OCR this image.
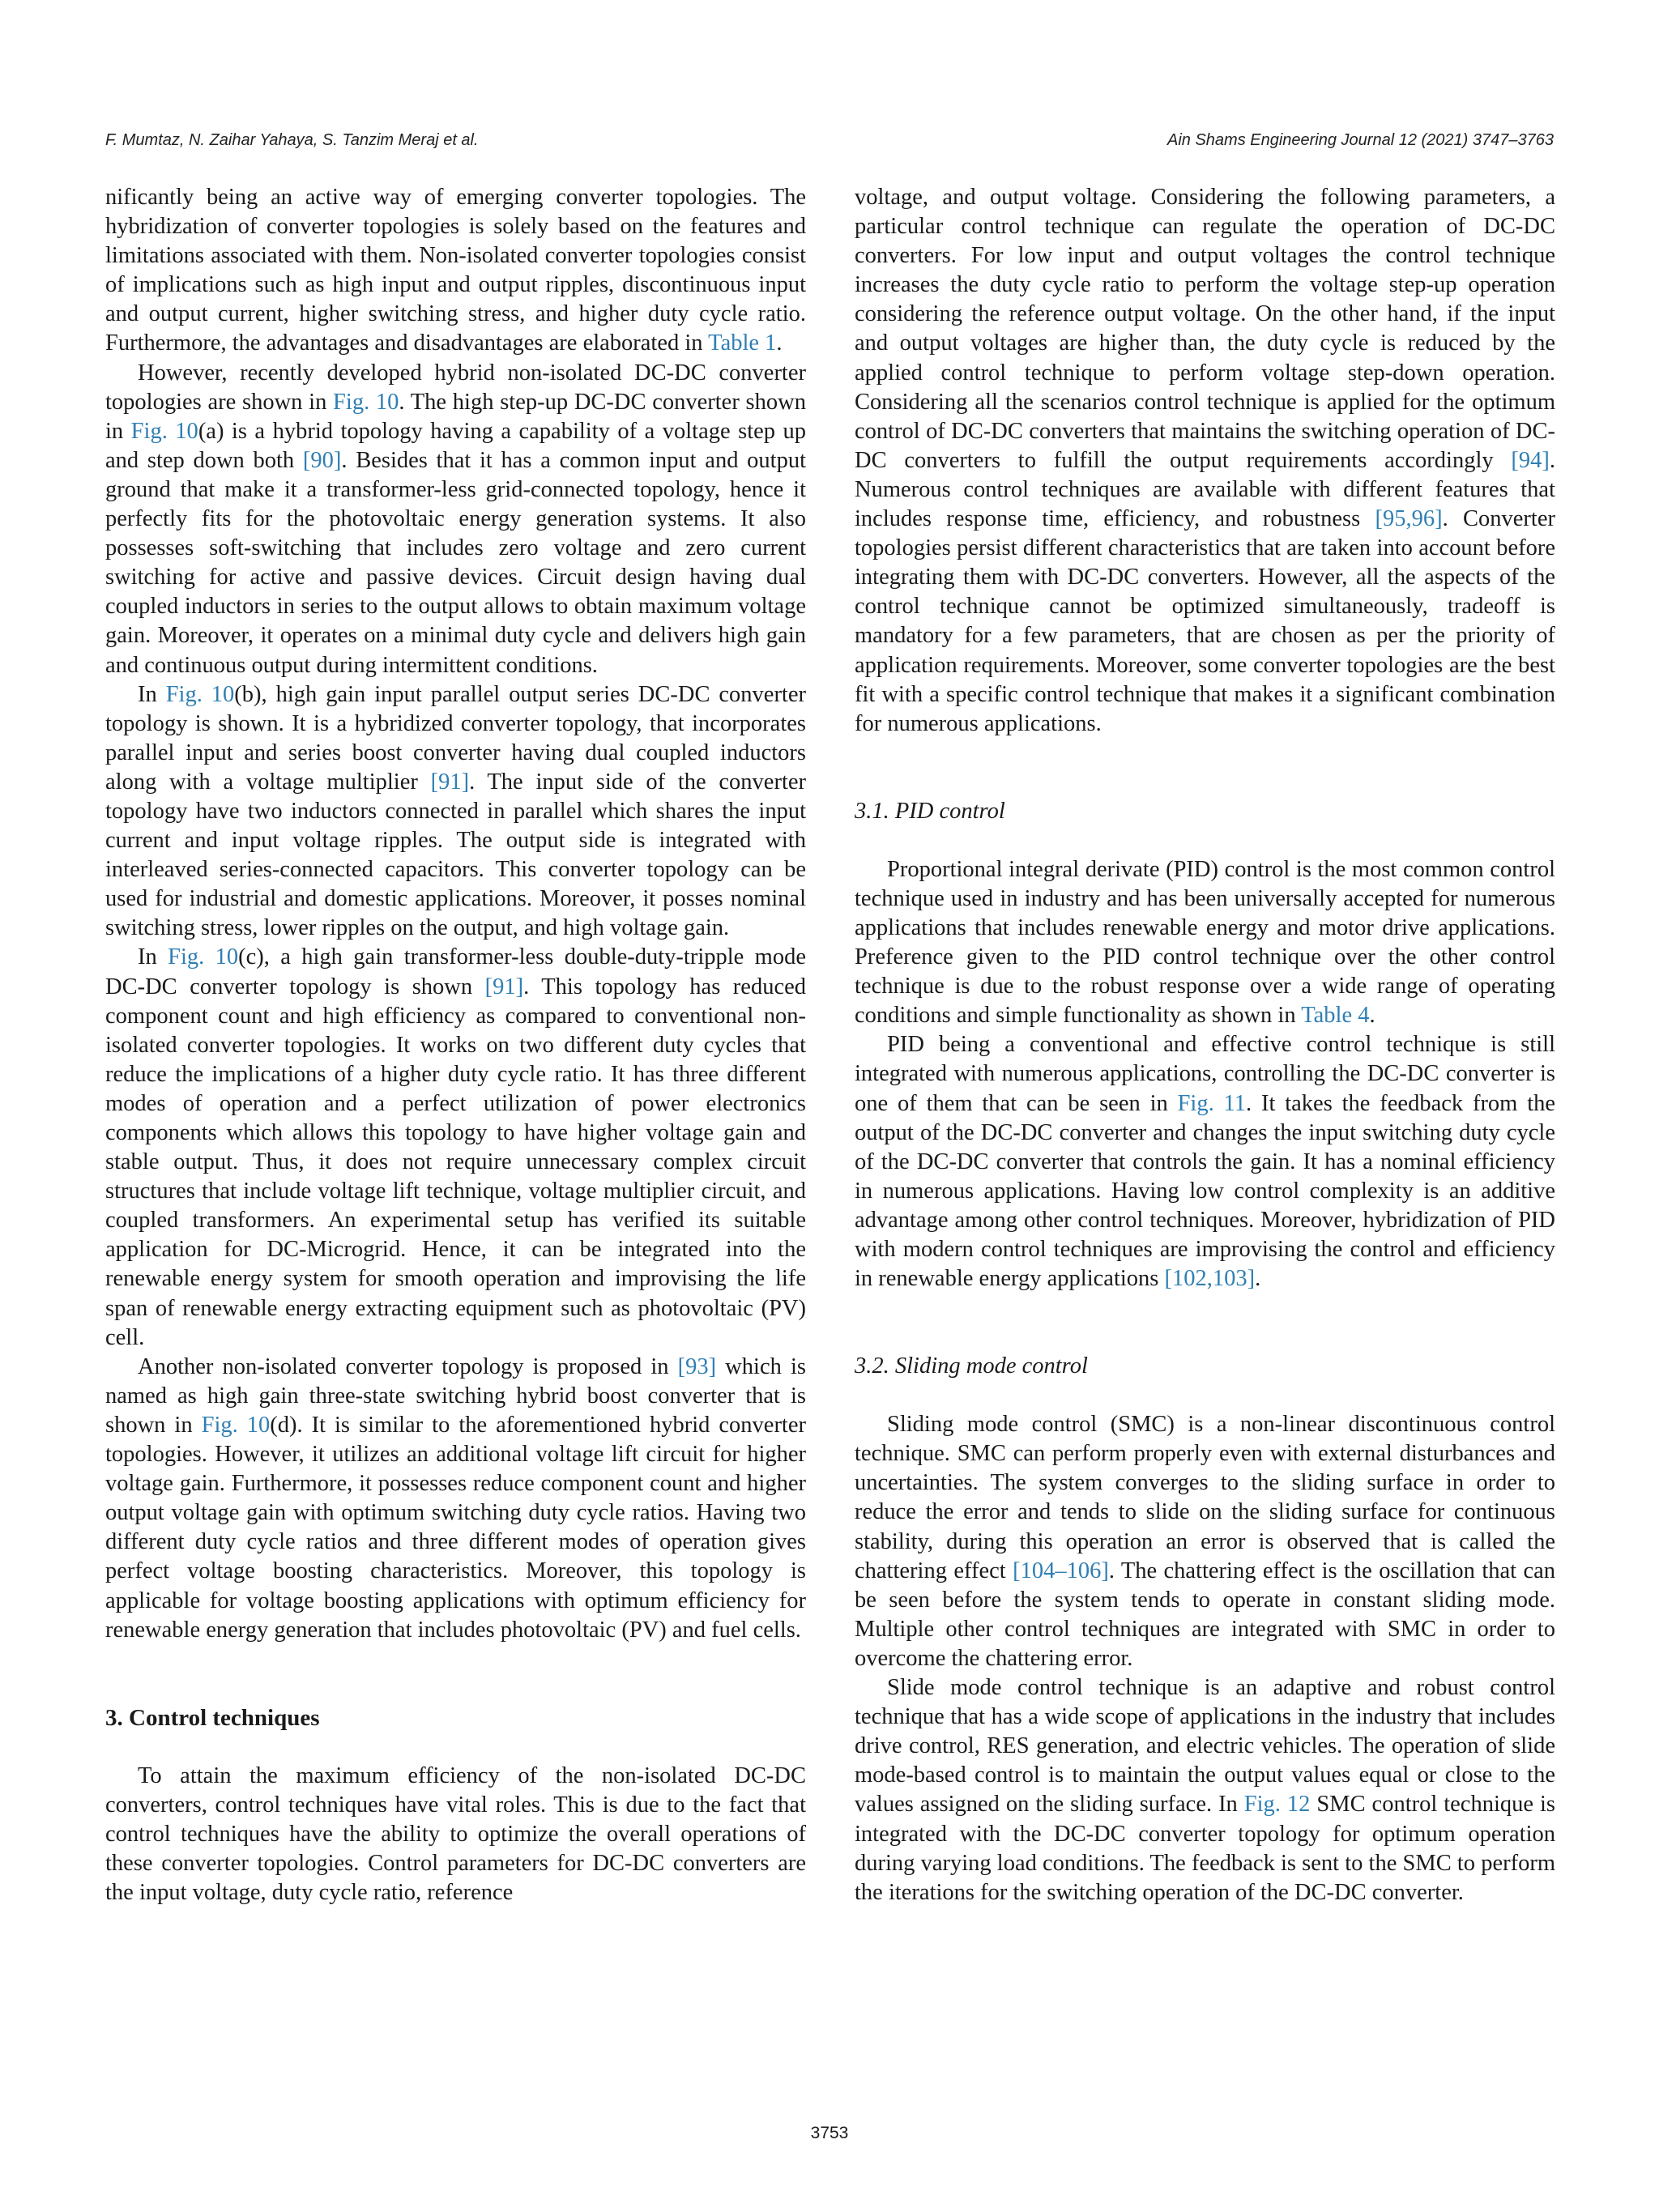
F. Mumtaz, N. Zaihar Yahaya, S. Tanzim Meraj et al.	Ain Shams Engineering Journal 12 (2021) 3747–3763

nificantly being an active way of emerging converter topologies. The hybridization of converter topologies is solely based on the features and limitations associated with them. Non-isolated converter topologies consist of implications such as high input and output ripples, discontinuous input and output current, higher switching stress, and higher duty cycle ratio. Furthermore, the advantages and disadvantages are elaborated in Table 1.

However, recently developed hybrid non-isolated DC-DC converter topologies are shown in Fig. 10. The high step-up DC-DC converter shown in Fig. 10(a) is a hybrid topology having a capability of a voltage step up and step down both [90]. Besides that it has a common input and output ground that make it a transformer-less grid-connected topology, hence it perfectly fits for the photovoltaic energy generation systems. It also possesses soft-switching that includes zero voltage and zero current switching for active and passive devices. Circuit design having dual coupled inductors in series to the output allows to obtain maximum voltage gain. Moreover, it operates on a minimal duty cycle and delivers high gain and continuous output during intermittent conditions.

In Fig. 10(b), high gain input parallel output series DC-DC converter topology is shown. It is a hybridized converter topology, that incorporates parallel input and series boost converter having dual coupled inductors along with a voltage multiplier [91]. The input side of the converter topology have two inductors connected in parallel which shares the input current and input voltage ripples. The output side is integrated with interleaved series-connected capacitors. This converter topology can be used for industrial and domestic applications. Moreover, it posses nominal switching stress, lower ripples on the output, and high voltage gain.

In Fig. 10(c), a high gain transformer-less double-duty-tripple mode DC-DC converter topology is shown [91]. This topology has reduced component count and high efficiency as compared to conventional non-isolated converter topologies. It works on two different duty cycles that reduce the implications of a higher duty cycle ratio. It has three different modes of operation and a perfect utilization of power electronics components which allows this topology to have higher voltage gain and stable output. Thus, it does not require unnecessary complex circuit structures that include voltage lift technique, voltage multiplier circuit, and coupled transformers. An experimental setup has verified its suitable application for DC-Microgrid. Hence, it can be integrated into the renewable energy system for smooth operation and improvising the life span of renewable energy extracting equipment such as photovoltaic (PV) cell.

Another non-isolated converter topology is proposed in [93] which is named as high gain three-state switching hybrid boost converter that is shown in Fig. 10(d). It is similar to the aforementioned hybrid converter topologies. However, it utilizes an additional voltage lift circuit for higher voltage gain. Furthermore, it possesses reduce component count and higher output voltage gain with optimum switching duty cycle ratios. Having two different duty cycle ratios and three different modes of operation gives perfect voltage boosting characteristics. Moreover, this topology is applicable for voltage boosting applications with optimum efficiency for renewable energy generation that includes photovoltaic (PV) and fuel cells.

3. Control techniques

To attain the maximum efficiency of the non-isolated DC-DC converters, control techniques have vital roles. This is due to the fact that control techniques have the ability to optimize the overall operations of these converter topologies. Control parameters for DC-DC converters are the input voltage, duty cycle ratio, reference

voltage, and output voltage. Considering the following parameters, a particular control technique can regulate the operation of DC-DC converters. For low input and output voltages the control technique increases the duty cycle ratio to perform the voltage step-up operation considering the reference output voltage. On the other hand, if the input and output voltages are higher than, the duty cycle is reduced by the applied control technique to perform voltage step-down operation. Considering all the scenarios control technique is applied for the optimum control of DC-DC converters that maintains the switching operation of DC-DC converters to fulfill the output requirements accordingly [94]. Numerous control techniques are available with different features that includes response time, efficiency, and robustness [95,96]. Converter topologies persist different characteristics that are taken into account before integrating them with DC-DC converters. However, all the aspects of the control technique cannot be optimized simultaneously, tradeoff is mandatory for a few parameters, that are chosen as per the priority of application requirements. Moreover, some converter topologies are the best fit with a specific control technique that makes it a significant combination for numerous applications.

3.1. PID control

Proportional integral derivate (PID) control is the most common control technique used in industry and has been universally accepted for numerous applications that includes renewable energy and motor drive applications. Preference given to the PID control technique over the other control technique is due to the robust response over a wide range of operating conditions and simple functionality as shown in Table 4.

PID being a conventional and effective control technique is still integrated with numerous applications, controlling the DC-DC converter is one of them that can be seen in Fig. 11. It takes the feedback from the output of the DC-DC converter and changes the input switching duty cycle of the DC-DC converter that controls the gain. It has a nominal efficiency in numerous applications. Having low control complexity is an additive advantage among other control techniques. Moreover, hybridization of PID with modern control techniques are improvising the control and efficiency in renewable energy applications [102,103].

3.2. Sliding mode control

Sliding mode control (SMC) is a non-linear discontinuous control technique. SMC can perform properly even with external disturbances and uncertainties. The system converges to the sliding surface in order to reduce the error and tends to slide on the sliding surface for continuous stability, during this operation an error is observed that is called the chattering effect [104–106]. The chattering effect is the oscillation that can be seen before the system tends to operate in constant sliding mode. Multiple other control techniques are integrated with SMC in order to overcome the chattering error.

Slide mode control technique is an adaptive and robust control technique that has a wide scope of applications in the industry that includes drive control, RES generation, and electric vehicles. The operation of slide mode-based control is to maintain the output values equal or close to the values assigned on the sliding surface. In Fig. 12 SMC control technique is integrated with the DC-DC converter topology for optimum operation during varying load conditions. The feedback is sent to the SMC to perform the iterations for the switching operation of the DC-DC converter.

3753
